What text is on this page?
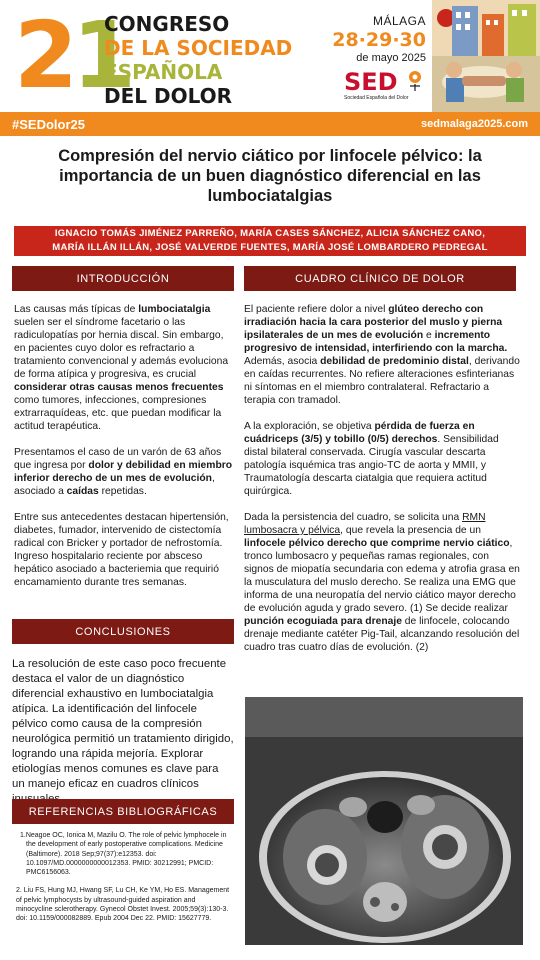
21
CONGRESO
DE LA SOCIEDAD
ESPAÑOLA
DEL DOLOR
MÁLAGA
28·29·30
de mayo 2025
SED
Sociedad Española del Dolor
#SEDolor25	sedmalaga2025.com
Compresión del nervio ciático por linfocele pélvico: la importancia de un buen diagnóstico diferencial en las lumbociatalgias
IGNACIO TOMÁS JIMÉNEZ PARREÑO, MARÍA CASES SÁNCHEZ, ALICIA SÁNCHEZ CANO,
MARÍA ILLÁN ILLÁN, JOSÉ VALVERDE FUENTES, MARÍA JOSÉ LOMBARDERO PEDREGAL
INTRODUCCIÓN

Las causas más típicas de lumbociatalgia suelen ser el síndrome facetario o las radiculopatías por hernia discal. Sin embargo, en pacientes cuyo dolor es refractario a tratamiento convencional y además evoluciona de forma atípica y progresiva, es crucial considerar otras causas menos frecuentes como tumores, infecciones, compresiones extrarraquídeas, etc. que puedan modificar la actitud terapéutica.

Presentamos el caso de un varón de 63 años que ingresa por dolor y debilidad en miembro inferior derecho de un mes de evolución, asociado a caídas repetidas.

Entre sus antecedentes destacan hipertensión, diabetes, fumador, intervenido de cistectomía radical con Bricker y portador de nefrostomía. Ingreso hospitalario reciente por absceso hepático asociado a bacteriemia que requirió encamamiento durante tres semanas.

CONCLUSIONES
La resolución de este caso poco frecuente destaca el valor de un diagnóstico diferencial exhaustivo en lumbociatalgia atípica. La identificación del linfocele pélvico como causa de la compresión neurológica permitió un tratamiento dirigido, logrando una rápida mejoría. Explorar etiologías menos comunes es clave para un manejo eficaz en cuadros clínicos
REFERENCIAS BIBLIOGRÁFICAS
1.Neagoe OC, Ionica M, Mazilu O. The role of pelvic lymphocele in the development of early postoperative complications. Medicine (Baltimore). 2018 Sep;97(37):e12353. doi: 10.1097/MD.0000000000012353. PMID: 30212991; PMCID: PMC6156063.
2. Liu FS, Hung MJ, Hwang SF, Lu CH, Ke YM, Ho ES. Management of pelvic lymphocysts by ultrasound-guided aspiration and minocycline sclerotherapy. Gynecol Obstet Invest. 2005;59(3):130-3. doi: 10.1159/000082889. Epub 2004 Dec 22. PMID: 15627779.
CUADRO CLÍNICO DE DOLOR

El paciente refiere dolor a nivel glúteo derecho con irradiación hacia la cara posterior del muslo y pierna ipsilaterales de un mes de evolución e incremento progresivo de intensidad, interfiriendo con la marcha. Además, asocia debilidad de predominio distal, derivando en caídas recurrentes. No refiere alteraciones esfinterianas ni síntomas en el miembro contralateral. Refractario a terapia con tramadol.

A la exploración, se objetiva pérdida de fuerza en cuádriceps (3/5) y tobillo (0/5) derechos. Sensibilidad distal bilateral conservada. Cirugía vascular descarta patología isquémica tras angio-TC de aorta y MMII, y Traumatología descarta ciatalgia que requiera actitud quirúrgica.

Dada la persistencia del cuadro, se solicita una RMN lumbosacra y pélvica, que revela la presencia de un linfocele pélvico derecho que comprime nervio ciático, tronco lumbosacro y pequeñas ramas regionales, con signos de miopatía secundaria con edema y atrofia grasa en la musculatura del muslo derecho. Se realiza una EMG que informa de una neuropatía del nervio ciático mayor derecho de evolución aguda y grado severo. (1) Se decide realizar punción ecoguiada para drenaje de linfocele, colocando drenaje mediante catéter Pig-Tail, alcanzando resolución del cuadro tras cuatro días de evolución. (2)
